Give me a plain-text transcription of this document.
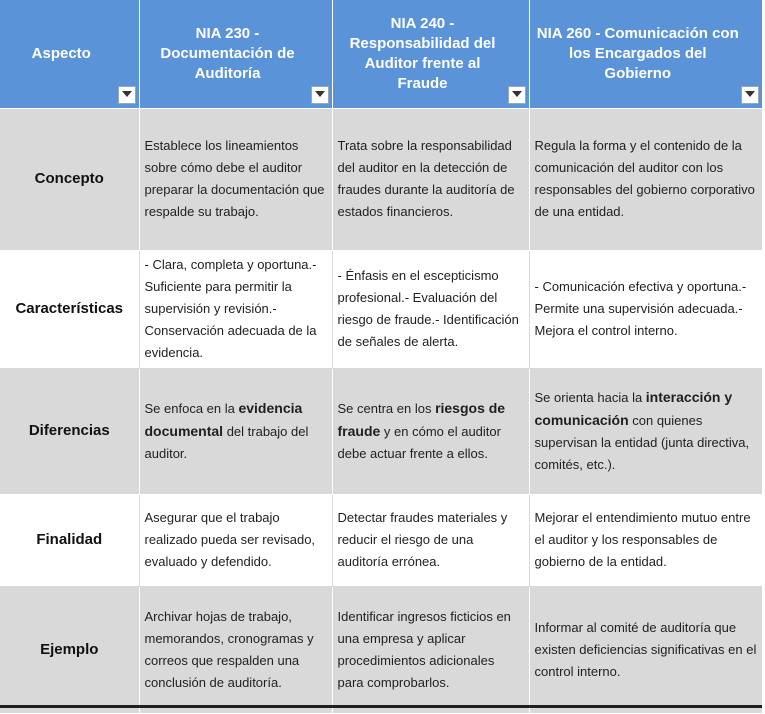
Aspecto	NIA 230 - Documentación de Auditoría	NIA 240 - Responsabilidad del Auditor frente al Fraude	NIA 260 - Comunicación con los Encargados del Gobierno

Concepto	Establece los lineamientos sobre cómo debe el auditor preparar la documentación que respalde su trabajo.	Trata sobre la responsabilidad del auditor en la detección de fraudes durante la auditoría de estados financieros.	Regula la forma y el contenido de la comunicación del auditor con los responsables del gobierno corporativo de una entidad.
Características	- Clara, completa y oportuna.- Suficiente para permitir la supervisión y revisión.- Conservación adecuada de la evidencia.	- Énfasis en el escepticismo profesional.- Evaluación del riesgo de fraude.- Identificación de señales de alerta.	- Comunicación efectiva y oportuna.- Permite una supervisión adecuada.- Mejora el control interno.
Diferencias	Se enfoca en la evidencia documental del trabajo del auditor.	Se centra en los riesgos de fraude y en cómo el auditor debe actuar frente a ellos.	Se orienta hacia la interacción y comunicación con quienes supervisan la entidad (junta directiva, comités, etc.).
Finalidad	Asegurar que el trabajo realizado pueda ser revisado, evaluado y defendido.	Detectar fraudes materiales y reducir el riesgo de una auditoría errónea.	Mejorar el entendimiento mutuo entre el auditor y los responsables de gobierno de la entidad.
Ejemplo	Archivar hojas de trabajo, memorandos, cronogramas y correos que respalden una conclusión de auditoría.	Identificar ingresos ficticios en una empresa y aplicar procedimientos adicionales para comprobarlos.	Informar al comité de auditoría que existen deficiencias significativas en el control interno.
